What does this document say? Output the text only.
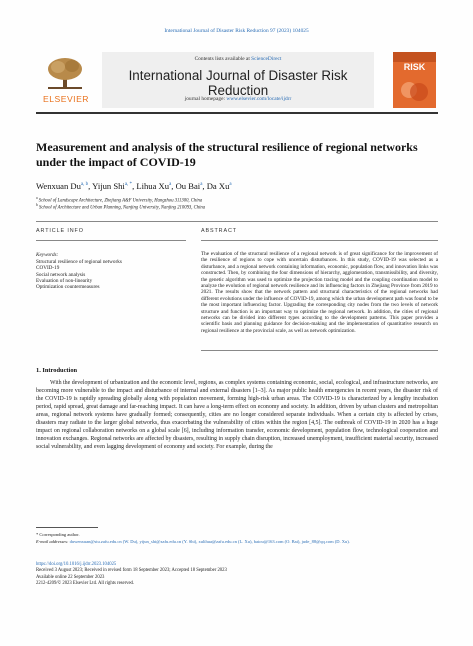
International Journal of Disaster Risk Reduction 97 (2023) 104025
ELSEVIER
Contents lists available at ScienceDirect
International Journal of Disaster Risk Reduction
journal homepage: www.elsevier.com/locate/ijdrr
RISK
Measurement and analysis of the structural resilience of regional networks under the impact of COVID-19
Wenxuan Du$^{a, b}$, Yijun Shi$^{a, *}$, Lihua Xu$^a$, Ou Bai$^a$, Da Xu$^a$
$^a$ School of Landscape Architecture, Zhejiang A&F University, Hangzhou 311300, China
$^b$ School of Architecture and Urban Planning, Nanjing University, Nanjing 210093, China
ARTICLE INFO	ABSTRACT
Keywords:
Structural resilience of regional networks
COVID-19
Social network analysis
Evaluation of non-linearity
Optimization countermeasures
The evaluation of the structural resilience of a regional network is of great significance for the improvement of the resilience of regions to cope with uncertain disturbances. In this study, COVID-19 was selected as a disturbance, and a regional network containing information, economic, population flow, and innovation links was constructed. Then, by combining the four dimensions of hierarchy, agglomeration, transmissibility, and diversity, the genetic algorithm was used to optimize the projection tracing model and the coupling coordination model to analyze the evolution of regional network resilience and its influencing factors in Zhejiang Province from 2019 to 2021. The results show that the network pattern and structural characteristics of the regional networks had different evolutions under the influence of COVID-19, among which the urban development path was found to be the most important influencing factor. Upgrading the corresponding city nodes from the two levels of network structure and function is an important way to optimize the regional network. In addition, the cities of regional networks can be divided into different types according to the development patterns. This paper provides a scientific basis and planning guidance for decision-making and the implementation of quantitative research on regional resilience at the provincial scale, as well as network optimization.
1. Introduction
With the development of urbanization and the economic level, regions, as complex systems containing economic, social, ecological, and infrastructure networks, are becoming more vulnerable to the impact and disturbance of internal and external disasters [1–3]. As major public health emergencies in recent years, the disaster risk of the COVID-19 is rapidly spreading globally along with population movement, forming high-risk urban areas. The COVID-19 is characterized by a lengthy incubation period, rapid spread, great damage and far-reaching impact. It can have a long-term effect on economy and society. In addition, driven by urban clusters and metropolitan areas, regional network systems have gradually formed; consequently, cities are no longer considered separate individuals. When a certain city is affected by crises, disasters may radiate to the larger global networks, thus exacerbating the vulnerability of cities within the region [4,5]. The outbreak of COVID-19 in 2020 has a huge impact on regional collaboration networks on a global scale [6], including information transfer, economic development, population flow, technological cooperation and innovation exchanges. Regional networks are affected by disasters, resulting in supply chain disruption, increased unemployment, insufficient material security, increased social vulnerability, and even lagging development of economy and society. For example, during the
* Corresponding author.
E-mail addresses: duwenxuan@stu.zafu.edu.cn (W. Du), yijun_shi@zafu.edu.cn (Y. Shi), xulihua@zafu.edu.cn (L. Xu), baiou@163.com (O. Bai), jude_88@qq.com (D. Xu).
https://doi.org/10.1016/j.ijdrr.2023.104025
Received 3 August 2023; Received in revised form 18 September 2023; Accepted 18 September 2023
Available online 22 September 2023
2212-4209/© 2023 Elsevier Ltd. All rights reserved.
